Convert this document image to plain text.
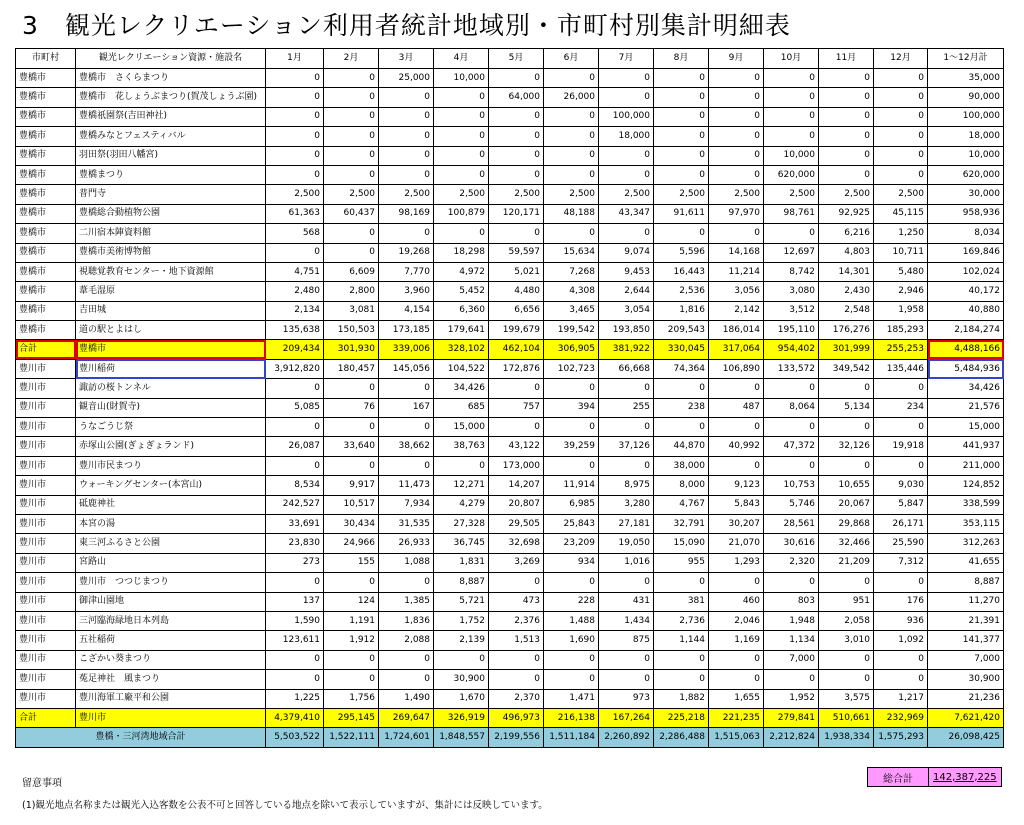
3　観光レクリエーション利用者統計地域別・市町村別集計明細表
市町村	観光レクリエーション資源・施設名	1月	2月	3月	4月	5月	6月	7月	8月	9月	10月	11月	12月	1～12月計
豊橋市	豊橋市　さくらまつり	0	0	25,000	10,000	0	0	0	0	0	0	0	0	35,000
豊橋市	豊橋市　花しょうぶまつり(賀茂しょうぶ園)	0	0	0	0	64,000	26,000	0	0	0	0	0	0	90,000
豊橋市	豊橋祇園祭(吉田神社)	0	0	0	0	0	0	100,000	0	0	0	0	0	100,000
豊橋市	豊橋みなとフェスティバル	0	0	0	0	0	0	18,000	0	0	0	0	0	18,000
豊橋市	羽田祭(羽田八幡宮)	0	0	0	0	0	0	0	0	0	10,000	0	0	10,000
豊橋市	豊橋まつり	0	0	0	0	0	0	0	0	0	620,000	0	0	620,000
豊橋市	普門寺	2,500	2,500	2,500	2,500	2,500	2,500	2,500	2,500	2,500	2,500	2,500	2,500	30,000
豊橋市	豊橋総合動植物公園	61,363	60,437	98,169	100,879	120,171	48,188	43,347	91,611	97,970	98,761	92,925	45,115	958,936
豊橋市	二川宿本陣資料館	568	0	0	0	0	0	0	0	0	0	6,216	1,250	8,034
豊橋市	豊橋市美術博物館	0	0	19,268	18,298	59,597	15,634	9,074	5,596	14,168	12,697	4,803	10,711	169,846
豊橋市	視聴覚教育センター・地下資源館	4,751	6,609	7,770	4,972	5,021	7,268	9,453	16,443	11,214	8,742	14,301	5,480	102,024
豊橋市	葦毛湿原	2,480	2,800	3,960	5,452	4,480	4,308	2,644	2,536	3,056	3,080	2,430	2,946	40,172
豊橋市	吉田城	2,134	3,081	4,154	6,360	6,656	3,465	3,054	1,816	2,142	3,512	2,548	1,958	40,880
豊橋市	道の駅とよはし	135,638	150,503	173,185	179,641	199,679	199,542	193,850	209,543	186,014	195,110	176,276	185,293	2,184,274
合計	豊橋市	209,434	301,930	339,006	328,102	462,104	306,905	381,922	330,045	317,064	954,402	301,999	255,253	4,488,166
豊川市	豊川稲荷	3,912,820	180,457	145,056	104,522	172,876	102,723	66,668	74,364	106,890	133,572	349,542	135,446	5,484,936
豊川市	諏訪の桜トンネル	0	0	0	34,426	0	0	0	0	0	0	0	0	34,426
豊川市	観音山(財賀寺)	5,085	76	167	685	757	394	255	238	487	8,064	5,134	234	21,576
豊川市	うなごうじ祭	0	0	0	15,000	0	0	0	0	0	0	0	0	15,000
豊川市	赤塚山公園(ぎょぎょランド)	26,087	33,640	38,662	38,763	43,122	39,259	37,126	44,870	40,992	47,372	32,126	19,918	441,937
豊川市	豊川市民まつり	0	0	0	0	173,000	0	0	38,000	0	0	0	0	211,000
豊川市	ウォーキングセンター(本宮山)	8,534	9,917	11,473	12,271	14,207	11,914	8,975	8,000	9,123	10,753	10,655	9,030	124,852
豊川市	砥鹿神社	242,527	10,517	7,934	4,279	20,807	6,985	3,280	4,767	5,843	5,746	20,067	5,847	338,599
豊川市	本宮の湯	33,691	30,434	31,535	27,328	29,505	25,843	27,181	32,791	30,207	28,561	29,868	26,171	353,115
豊川市	東三河ふるさと公園	23,830	24,966	26,933	36,745	32,698	23,209	19,050	15,090	21,070	30,616	32,466	25,590	312,263
豊川市	宮路山	273	155	1,088	1,831	3,269	934	1,016	955	1,293	2,320	21,209	7,312	41,655
豊川市	豊川市　つつじまつり	0	0	0	8,887	0	0	0	0	0	0	0	0	8,887
豊川市	御津山園地	137	124	1,385	5,721	473	228	431	381	460	803	951	176	11,270
豊川市	三河臨海緑地日本列島	1,590	1,191	1,836	1,752	2,376	1,488	1,434	2,736	2,046	1,948	2,058	936	21,391
豊川市	五社稲荷	123,611	1,912	2,088	2,139	1,513	1,690	875	1,144	1,169	1,134	3,010	1,092	141,377
豊川市	こざかい葵まつり	0	0	0	0	0	0	0	0	0	7,000	0	0	7,000
豊川市	菟足神社　風まつり	0	0	0	30,900	0	0	0	0	0	0	0	0	30,900
豊川市	豊川海軍工廠平和公園	1,225	1,756	1,490	1,670	2,370	1,471	973	1,882	1,655	1,952	3,575	1,217	21,236
合計	豊川市	4,379,410	295,145	269,647	326,919	496,973	216,138	167,264	225,218	221,235	279,841	510,661	232,969	7,621,420
豊橋・三河湾地域合計		5,503,522	1,522,111	1,724,601	1,848,557	2,199,556	1,511,184	2,260,892	2,286,488	1,515,063	2,212,824	1,938,334	1,575,293	26,098,425
総合計	142,387,225
留意事項
(1)観光地点名称または観光入込客数を公表不可と回答している地点を除いて表示していますが、集計には反映しています。
